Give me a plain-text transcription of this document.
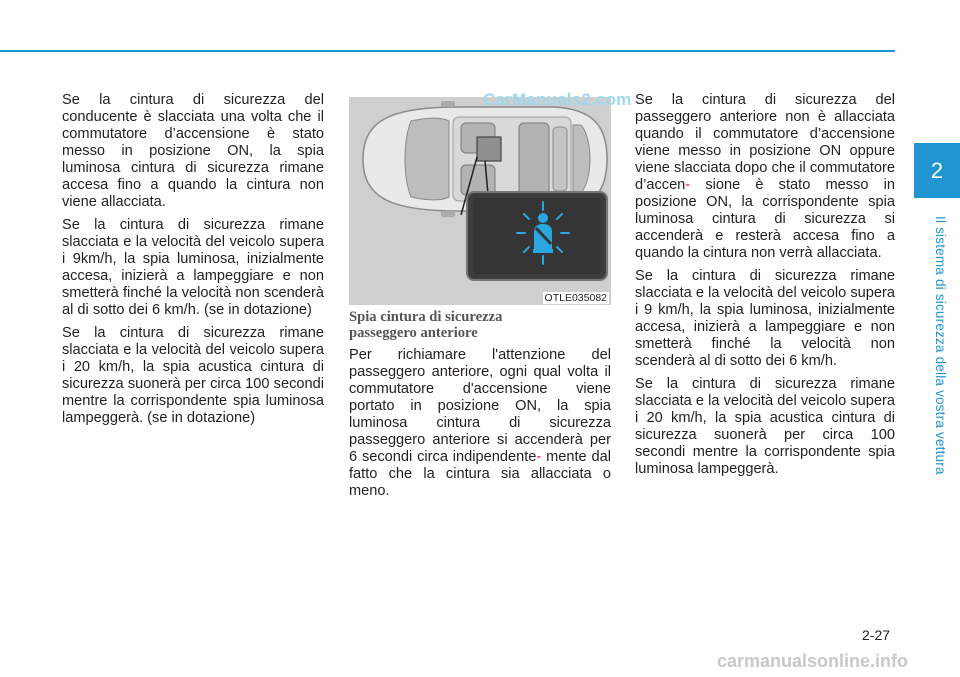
2
Il sistema di sicurezza della vostra vettura

Se la cintura di sicurezza del conducente è slacciata una volta che il commutatore d’accensione è stato messo in posizione ON, la spia luminosa cintura di sicurezza rimane accesa fino a quando la cintura non viene allacciata.

Se la cintura di sicurezza rimane slacciata e la velocità del veicolo supera i 9km/h, la spia luminosa, inizialmente accesa, inizierà a lampeggiare e non smetterà finché la velocità non scenderà al di sotto dei 6 km/h. (se in dotazione)

Se la cintura di sicurezza rimane slacciata e la velocità del veicolo supera i 20 km/h, la spia acustica cintura di sicurezza suonerà per circa 100 secondi mentre la corrispondente spia luminosa lampeggerà. (se in dotazione)

OTLE035082
Spia cintura di sicurezza
passeggero anteriore

Per richiamare l'attenzione del passeggero anteriore, ogni qual volta il commutatore d'accensione viene portato in posizione ON, la spia luminosa cintura di sicurezza passeggero anteriore si accenderà per 6 secondi circa indipendente- mente dal fatto che la cintura sia allacciata o meno.

Se la cintura di sicurezza del passeggero anteriore non è allacciata quando il commutatore d’accensione viene messo in posizione ON oppure viene slacciata dopo che il commutatore d’accen- sione è stato messo in posizione ON, la corrispondente spia luminosa cintura di sicurezza si accenderà e resterà accesa fino a quando la cintura non verrà allacciata.

Se la cintura di sicurezza rimane slacciata e la velocità del veicolo supera i 9 km/h, la spia luminosa, inizialmente accesa, inizierà a lampeggiare e non smetterà finché la velocità non scenderà al di sotto dei 6 km/h.

Se la cintura di sicurezza rimane slacciata e la velocità del veicolo supera i 20 km/h, la spia acustica cintura di sicurezza suonerà per circa 100 secondi mentre la corrispondente spia luminosa lampeggerà.

CarManuals2.com
2-27
carmanualsonline.info
